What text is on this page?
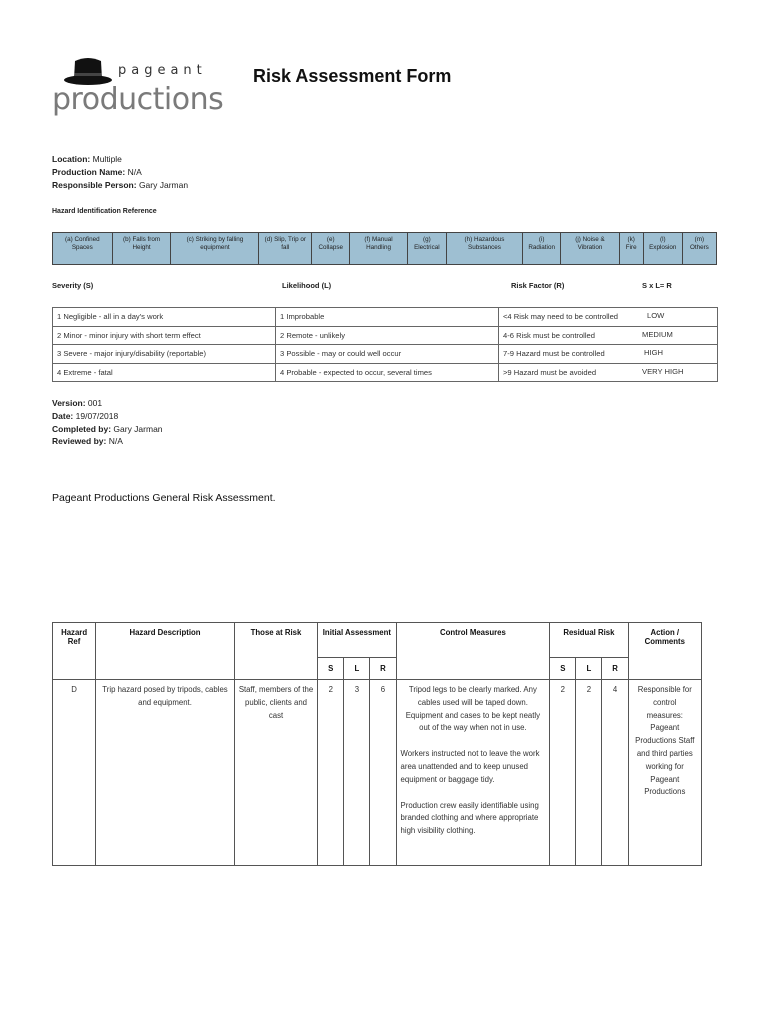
pageant
productions
Risk Assessment Form
Location: Multiple
Production Name: N/A
Responsible Person: Gary Jarman
Hazard Identification Reference
(a) Confined Spaces	(b) Falls from Height	(c) Striking by falling equipment	(d) Slip, Trip or fall	(e) Collapse	(f) Manual Handling	(g) Electrical	(h) Hazardous Substances	(i) Radiation	(j) Noise & Vibration	(k) Fire	(l) Explosion	(m) Others
Severity (S)	Likelihood (L)	Risk Factor (R)	S x L= R
1 Negligible - all in a day's work	1 Improbable	<4 Risk may need to be controlled LOW

2 Minor - minor injury with short term effect	2 Remote - unlikely	4-6 Risk must be controlled MEDIUM

3 Severe - major injury/disability (reportable)	3 Possible - may or could well occur	7-9 Hazard must be controlled HIGH

4 Extreme - fatal	4 Probable - expected to occur, several times	>9 Hazard must be avoided VERY HIGH
Version: 001
Date: 19/07/2018
Completed by: Gary Jarman
Reviewed by: N/A
Pageant Productions General Risk Assessment.
Hazard Ref	Hazard Description	Those at Risk	Initial Assessment			Control Measures	Residual Risk			Action / Comments
			S	L	R		S	L	R	
D	Trip hazard posed by tripods, cables and equipment.	Staff, members of the public, clients and cast	2	3	6	Tripod legs to be clearly marked. Any cables used will be taped down. Equipment and cases to be kept neatly out of the way when not in use.
Workers instructed not to leave the work area unattended and to keep unused equipment or baggage tidy.
Production crew easily identifiable using branded clothing and where appropriate high visibility clothing.	2	2	4	Responsible for control measures: Pageant Productions Staff and third parties working for Pageant Productions
